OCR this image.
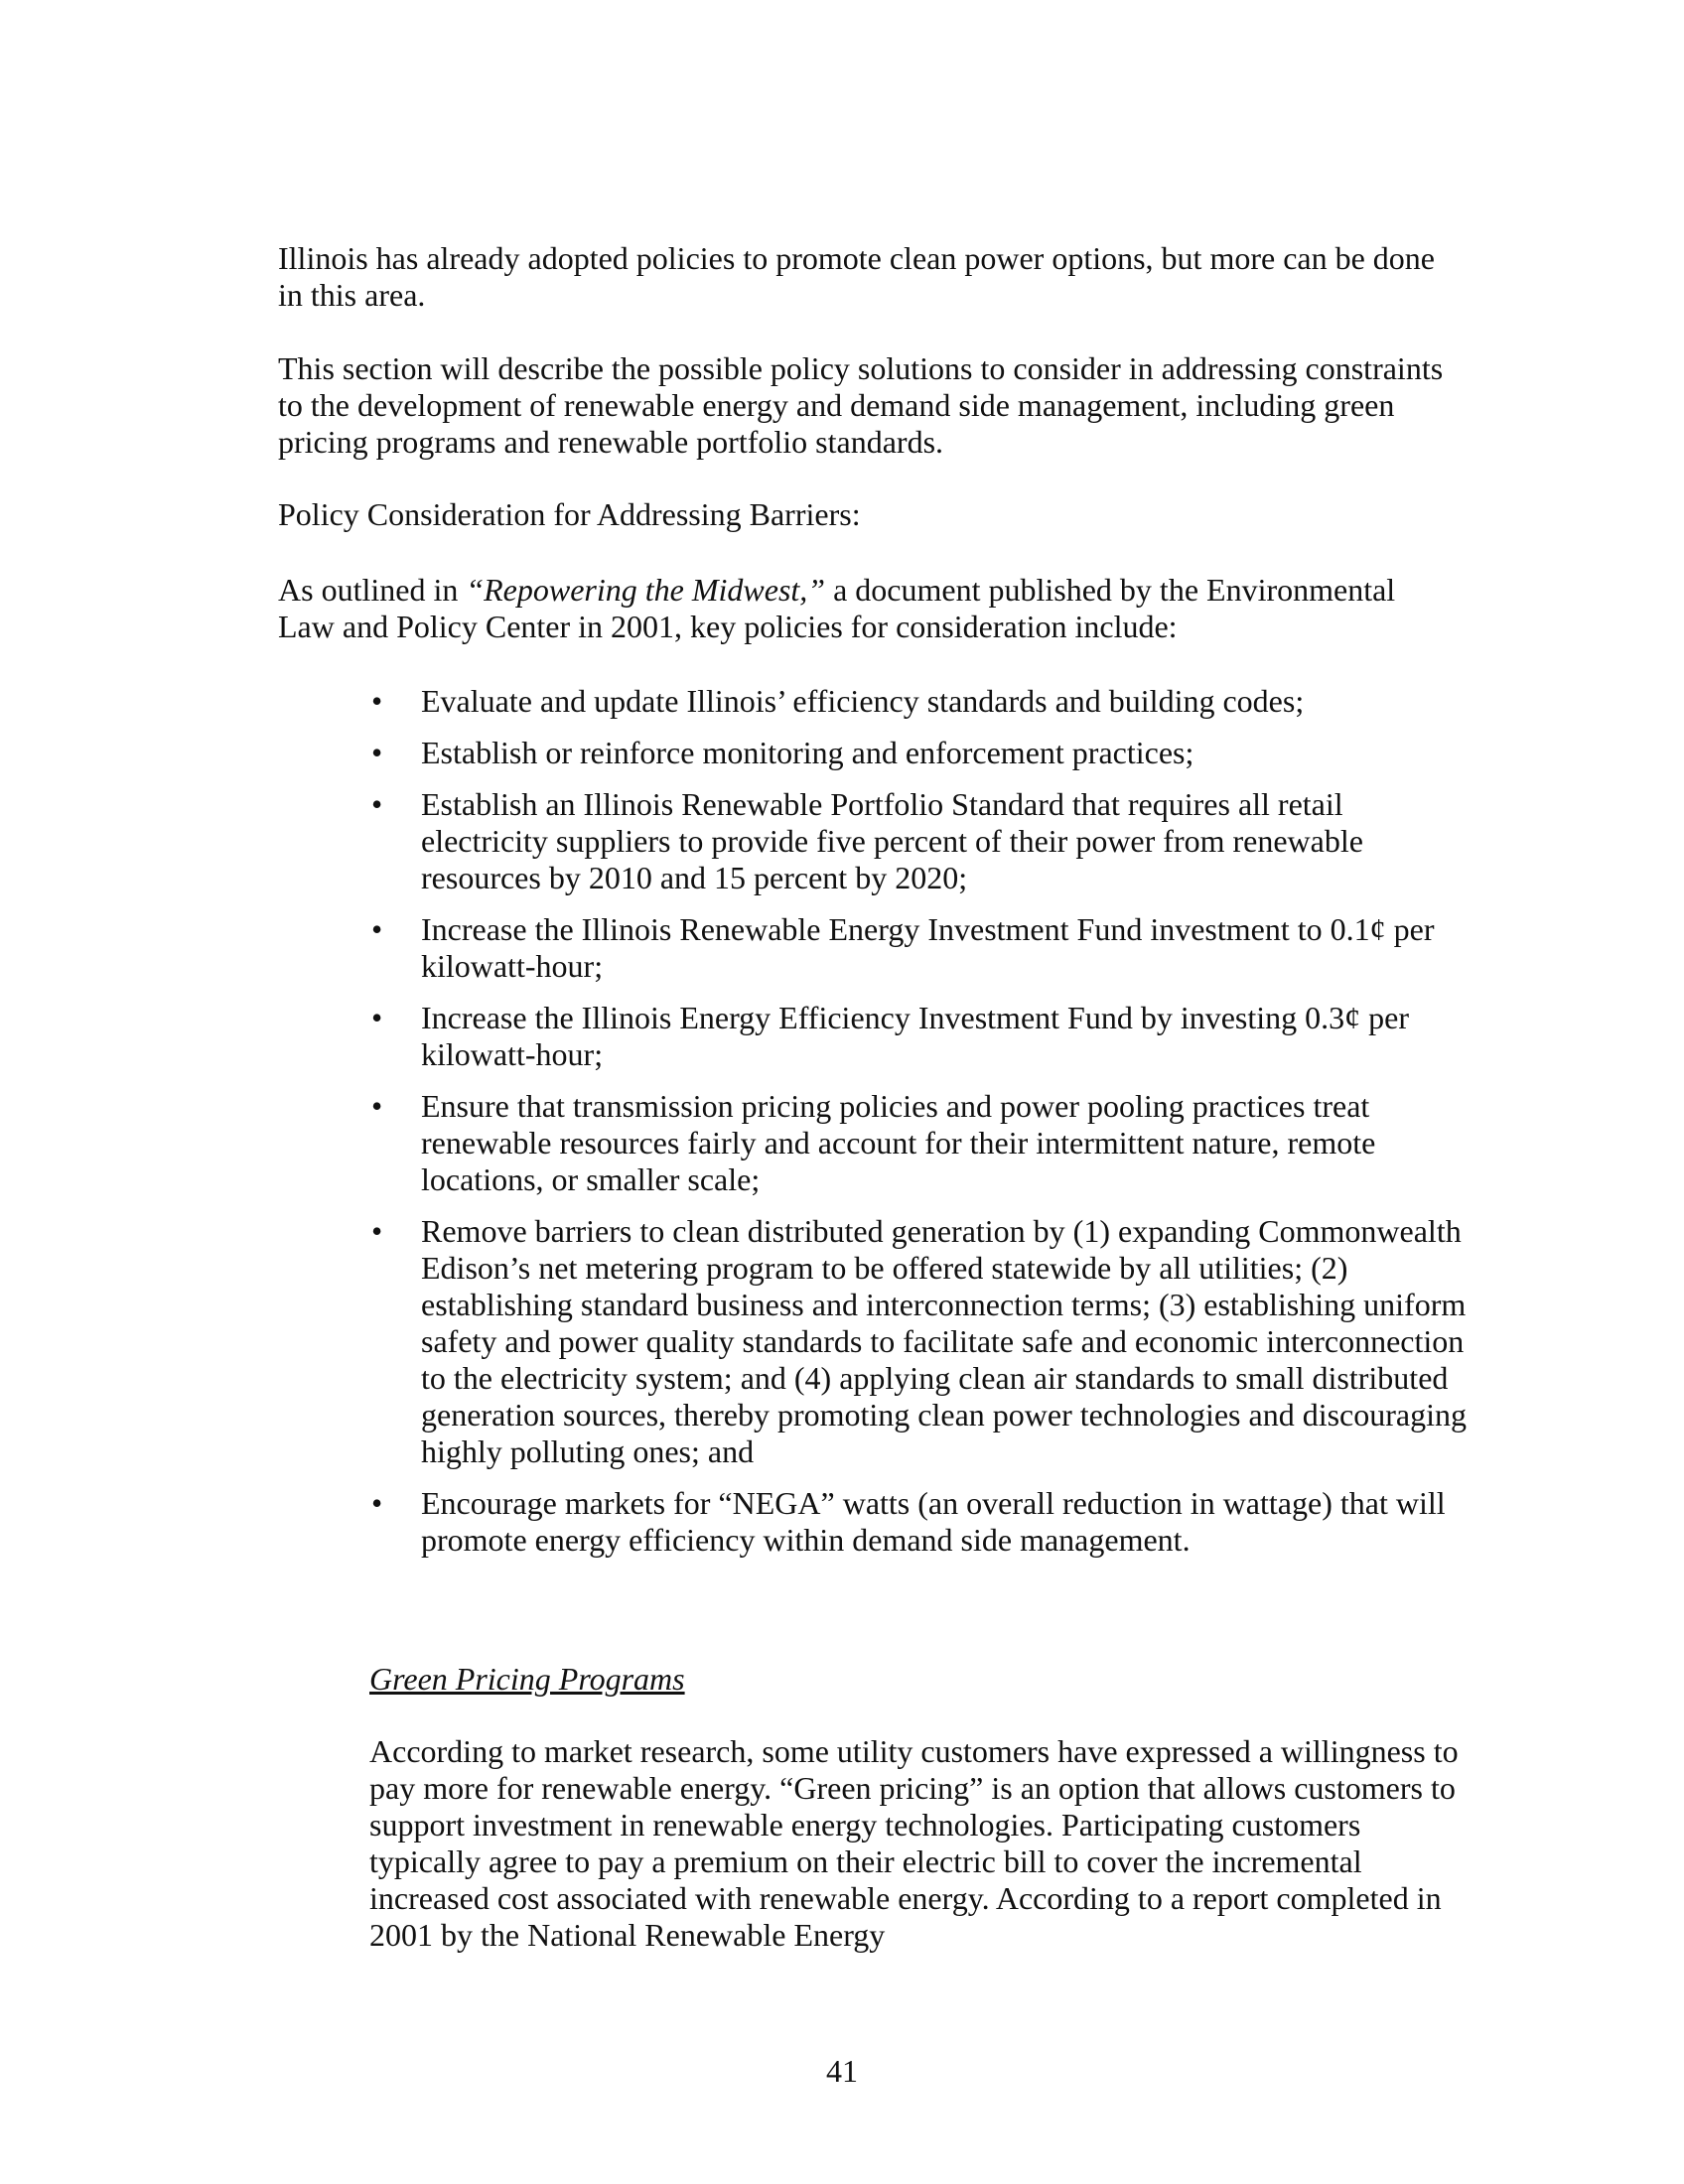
Illinois has already adopted policies to promote clean power options, but more can be done in this area.

This section will describe the possible policy solutions to consider in addressing constraints to the development of renewable energy and demand side management, including green pricing programs and renewable portfolio standards.

Policy Consideration for Addressing Barriers:

As outlined in “Repowering the Midwest,” a document published by the Environmental Law and Policy Center in 2001, key policies for consideration include:

• Evaluate and update Illinois’ efficiency standards and building codes;
• Establish or reinforce monitoring and enforcement practices;
• Establish an Illinois Renewable Portfolio Standard that requires all retail electricity suppliers to provide five percent of their power from renewable resources by 2010 and 15 percent by 2020;
• Increase the Illinois Renewable Energy Investment Fund investment to 0.1¢ per kilowatt-hour;
• Increase the Illinois Energy Efficiency Investment Fund by investing 0.3¢ per kilowatt-hour;
• Ensure that transmission pricing policies and power pooling practices treat renewable resources fairly and account for their intermittent nature, remote locations, or smaller scale;
• Remove barriers to clean distributed generation by (1) expanding Commonwealth Edison’s net metering program to be offered statewide by all utilities; (2) establishing standard business and interconnection terms; (3) establishing uniform safety and power quality standards to facilitate safe and economic interconnection to the electricity system; and (4) applying clean air standards to small distributed generation sources, thereby promoting clean power technologies and discouraging highly polluting ones; and
• Encourage markets for “NEGA” watts (an overall reduction in wattage) that will promote energy efficiency within demand side management.

Green Pricing Programs

According to market research, some utility customers have expressed a willingness to pay more for renewable energy. “Green pricing” is an option that allows customers to support investment in renewable energy technologies. Participating customers typically agree to pay a premium on their electric bill to cover the incremental increased cost associated with renewable energy. According to a report completed in 2001 by the National Renewable Energy

41
